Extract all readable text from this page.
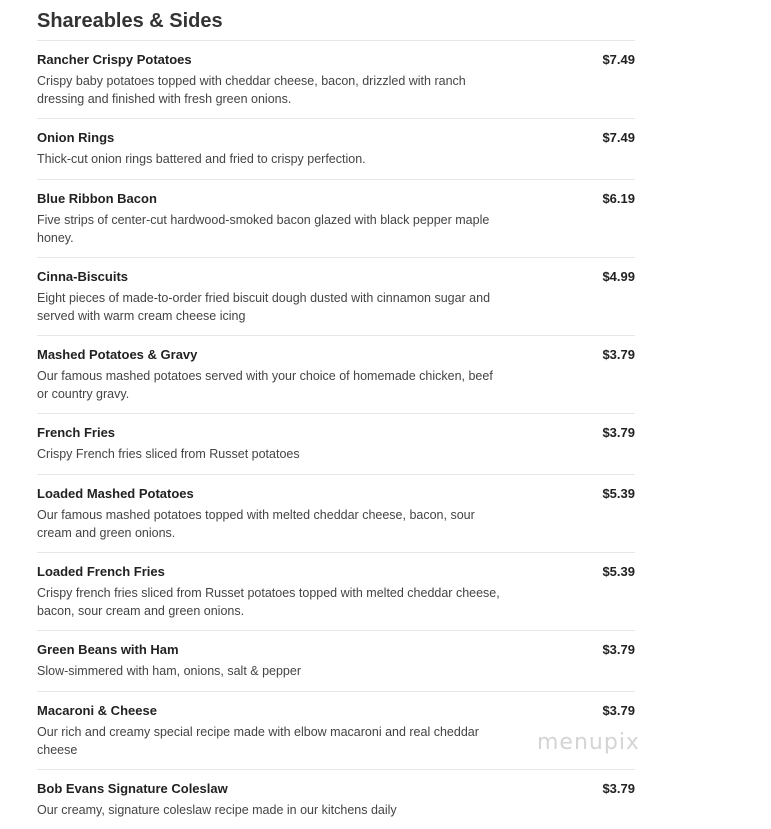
Shareables & Sides
Rancher Crispy Potatoes	$7.49
Crispy baby potatoes topped with cheddar cheese, bacon, drizzled with ranch dressing and finished with fresh green onions.
Onion Rings	$7.49
Thick-cut onion rings battered and fried to crispy perfection.
Blue Ribbon Bacon	$6.19
Five strips of center-cut hardwood-smoked bacon glazed with black pepper maple honey.
Cinna-Biscuits	$4.99
Eight pieces of made-to-order fried biscuit dough dusted with cinnamon sugar and served with warm cream cheese icing
Mashed Potatoes & Gravy	$3.79
Our famous mashed potatoes served with your choice of homemade chicken, beef or country gravy.
French Fries	$3.79
Crispy French fries sliced from Russet potatoes
Loaded Mashed Potatoes	$5.39
Our famous mashed potatoes topped with melted cheddar cheese, bacon, sour cream and green onions.
Loaded French Fries	$5.39
Crispy french fries sliced from Russet potatoes topped with melted cheddar cheese, bacon, sour cream and green onions.
Green Beans with Ham	$3.79
Slow-simmered with ham, onions, salt & pepper
Macaroni & Cheese	$3.79
Our rich and creamy special recipe made with elbow macaroni and real cheddar cheese
Bob Evans Signature Coleslaw	$3.79
Our creamy, signature coleslaw recipe made in our kitchens daily
menupix
